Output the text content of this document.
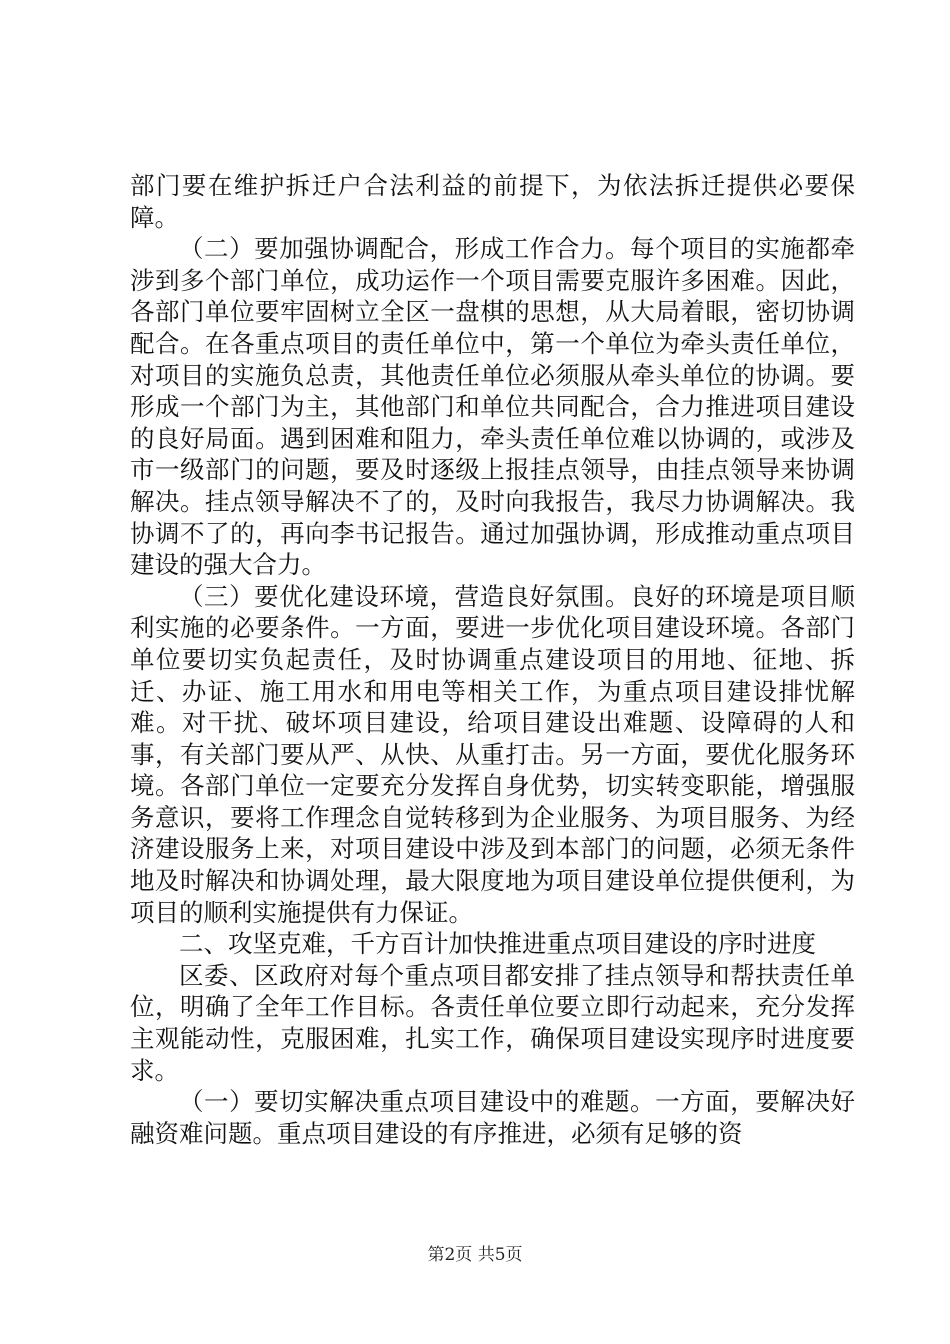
部门要在维护拆迁户合法利益的前提下，为依法拆迁提供必要保障。

（二）要加强协调配合，形成工作合力。每个项目的实施都牵涉到多个部门单位，成功运作一个项目需要克服许多困难。因此，各部门单位要牢固树立全区一盘棋的思想，从大局着眼，密切协调配合。在各重点项目的责任单位中，第一个单位为牵头责任单位，对项目的实施负总责，其他责任单位必须服从牵头单位的协调。要形成一个部门为主，其他部门和单位共同配合，合力推进项目建设的良好局面。遇到困难和阻力，牵头责任单位难以协调的，或涉及市一级部门的问题，要及时逐级上报挂点领导，由挂点领导来协调解决。挂点领导解决不了的，及时向我报告，我尽力协调解决。我协调不了的，再向李书记报告。通过加强协调，形成推动重点项目建设的强大合力。

（三）要优化建设环境，营造良好氛围。良好的环境是项目顺利实施的必要条件。一方面，要进一步优化项目建设环境。各部门单位要切实负起责任，及时协调重点建设项目的用地、征地、拆迁、办证、施工用水和用电等相关工作，为重点项目建设排忧解难。对干扰、破坏项目建设，给项目建设出难题、设障碍的人和事，有关部门要从严、从快、从重打击。另一方面，要优化服务环境。各部门单位一定要充分发挥自身优势，切实转变职能，增强服务意识，要将工作理念自觉转移到为企业服务、为项目服务、为经济建设服务上来，对项目建设中涉及到本部门的问题，必须无条件地及时解决和协调处理，最大限度地为项目建设单位提供便利，为项目的顺利实施提供有力保证。

二、攻坚克难，千方百计加快推进重点项目建设的序时进度

区委、区政府对每个重点项目都安排了挂点领导和帮扶责任单位，明确了全年工作目标。各责任单位要立即行动起来，充分发挥主观能动性，克服困难，扎实工作，确保项目建设实现序时进度要求。

（一）要切实解决重点项目建设中的难题。一方面，要解决好融资难问题。重点项目建设的有序推进，必须有足够的资

第2页 共5页
